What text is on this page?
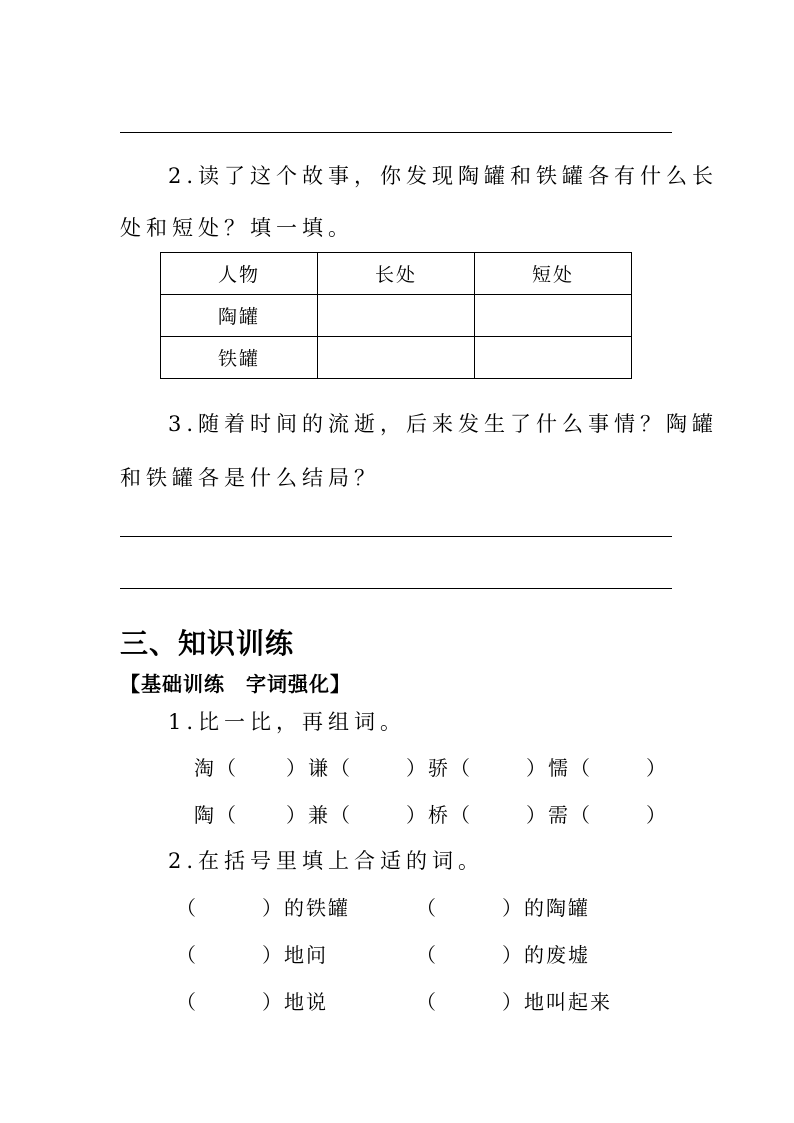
2.读了这个故事，你发现陶罐和铁罐各有什么长
处和短处？填一填。
人物	长处	短处
陶罐		
铁罐		
3.随着时间的流逝，后来发生了什么事情？陶罐
和铁罐各是什么结局？
三、知识训练
【基础训练　字词强化】
1.比一比，再组词。
淘（ ）谦（	）骄（	）懦（	）
陶（ ）兼（	）桥（	）需（	）
2.在括号里填上合适的词。
（	）的铁罐	（	）的陶罐
（	）地问	（	）的废墟
（	）地说	（	）地叫起来
